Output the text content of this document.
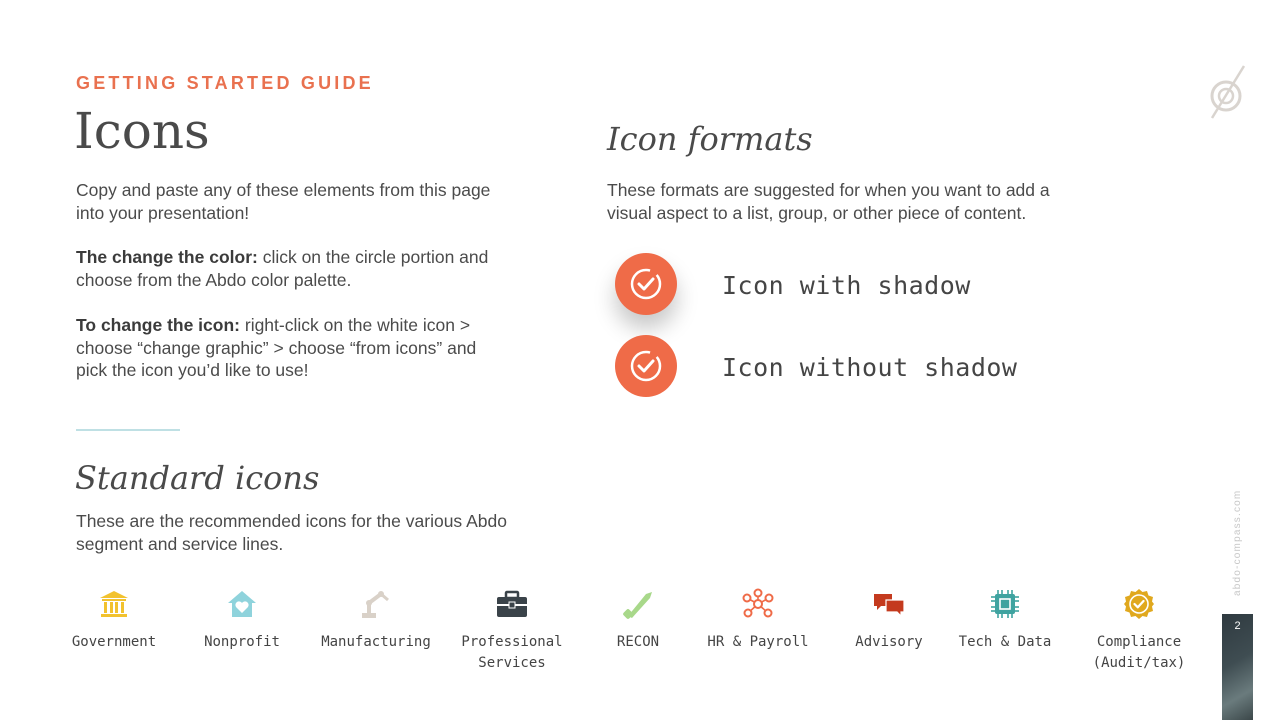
GETTING STARTED GUIDE
Icons
Copy and paste any of these elements from this page into your presentation!
The change the color: click on the circle portion and choose from the Abdo color palette.
To change the icon: right-click on the white icon > choose “change graphic” > choose “from icons” and pick the icon you’d like to use!
Icon formats
These formats are suggested for when you want to add a visual aspect to a list, group, or other piece of content.
Icon with shadow
Icon without shadow
Standard icons
These are the recommended icons for the various Abdo segment and service lines.
Government	Nonprofit	Manufacturing Professional
Services
RECON	HR & Payroll	Advisory	Tech & Data	Compliance
(Audit/tax)
abdo-compass.com
2
